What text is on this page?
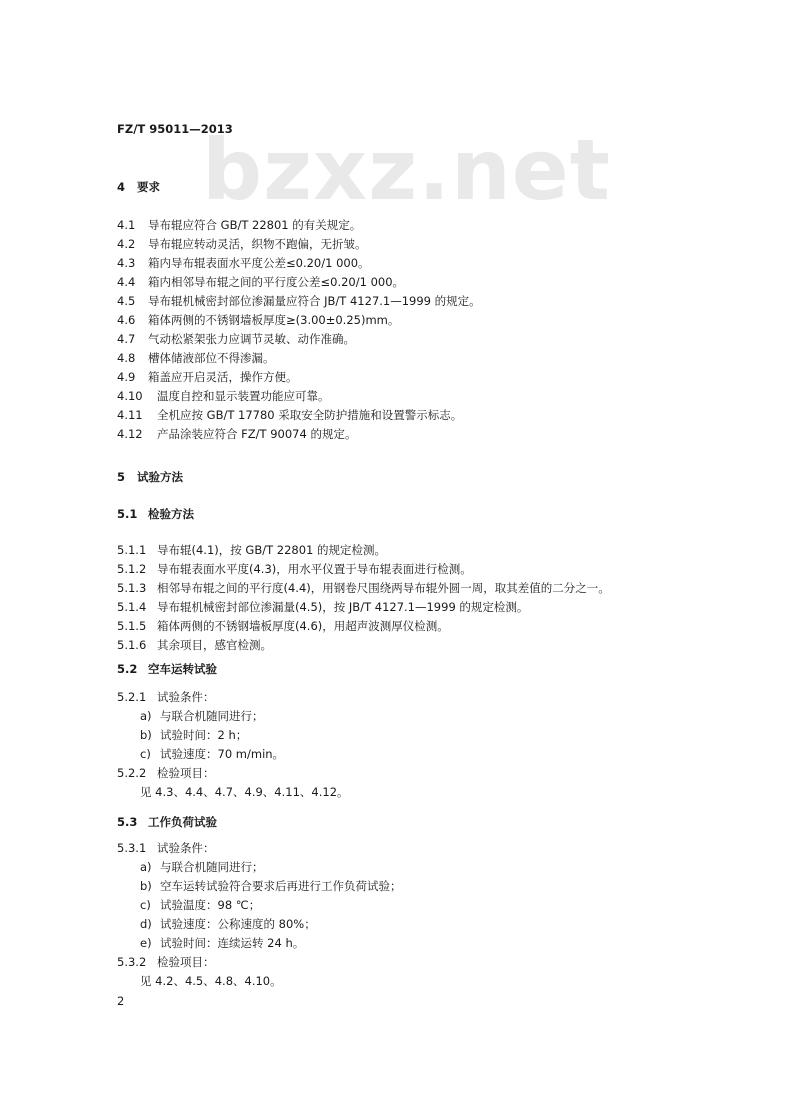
bzxz.net
FZ/T 95011—2013
4 要求
4.1 导布辊应符合 GB/T 22801 的有关规定。
4.2 导布辊应转动灵活，织物不跑偏，无折皱。
4.3 箱内导布辊表面水平度公差≤0.20/1 000。
4.4 箱内相邻导布辊之间的平行度公差≤0.20/1 000。
4.5 导布辊机械密封部位渗漏量应符合 JB/T 4127.1—1999 的规定。
4.6 箱体两侧的不锈钢墙板厚度≥(3.00±0.25)mm。
4.7 气动松紧架张力应调节灵敏、动作准确。
4.8 槽体储液部位不得渗漏。
4.9 箱盖应开启灵活，操作方便。
4.10 温度自控和显示装置功能应可靠。
4.11 全机应按 GB/T 17780 采取安全防护措施和设置警示标志。
4.12 产品涂装应符合 FZ/T 90074 的规定。
5 试验方法
5.1 检验方法
5.1.1 导布辊(4.1)，按 GB/T 22801 的规定检测。
5.1.2 导布辊表面水平度(4.3)，用水平仪置于导布辊表面进行检测。
5.1.3 相邻导布辊之间的平行度(4.4)，用钢卷尺围绕两导布辊外圆一周，取其差值的二分之一。
5.1.4 导布辊机械密封部位渗漏量(4.5)，按 JB/T 4127.1—1999 的规定检测。
5.1.5 箱体两侧的不锈钢墙板厚度(4.6)，用超声波测厚仪检测。
5.1.6 其余项目，感官检测。
5.2 空车运转试验
5.2.1 试验条件：
a) 与联合机随同进行；
b) 试验时间：2 h；
c) 试验速度：70 m/min。
5.2.2 检验项目：
见 4.3、4.4、4.7、4.9、4.11、4.12。
5.3 工作负荷试验
5.3.1 试验条件：
a) 与联合机随同进行；
b) 空车运转试验符合要求后再进行工作负荷试验；
c) 试验温度：98 ℃；
d) 试验速度：公称速度的 80%；
e) 试验时间：连续运转 24 h。
5.3.2 检验项目：
见 4.2、4.5、4.8、4.10。
2
